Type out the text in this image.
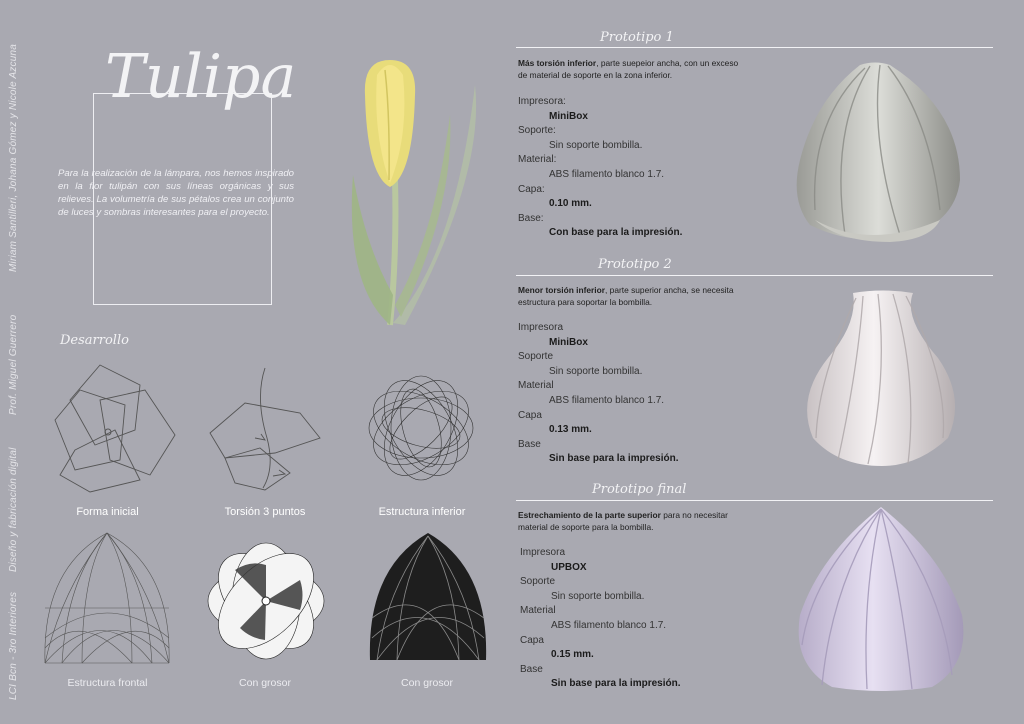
Miriam Santilleri, Johana Gómez y Nicole Azcuna
Prof. Miguel Guerrero
Diseño y fabricación digital
LCI Bcn - 3ro Interiores
Tulipa
Para la realización de la lámpara, nos hemos inspirado en la flor tulipán con sus líneas orgánicas y sus relieves. La volumetría de sus pétalos crea un conjunto de luces y sombras interesantes para el proyecto.
Desarrollo
Forma inicial	Torsión 3 puntos	Estructura inferior
Estructura frontal	Con grosor	Con grosor
Prototipo 1
Más torsión inferior, parte suepeior ancha, con un exceso de material de soporte en la zona inferior.
Impresora:
MiniBox
Soporte:
Sin soporte bombilla.
Material:
ABS filamento blanco 1.7.
Capa:
0.10 mm.
Base:
Con base para la impresión.
Prototipo 2
Menor torsión inferior, parte superior ancha, se necesita estructura para soportar la bombilla.
Impresora
MiniBox
Soporte
Sin soporte bombilla.
Material
ABS filamento blanco 1.7.
Capa
0.13 mm.
Base
Sin base para la impresión.
Prototipo final
Estrechamiento de la parte superior para no necesitar material de soporte para la bombilla.
Impresora
UPBOX
Soporte
Sin soporte bombilla.
Material
ABS filamento blanco 1.7.
Capa
0.15 mm.
Base
Sin base para la impresión.
